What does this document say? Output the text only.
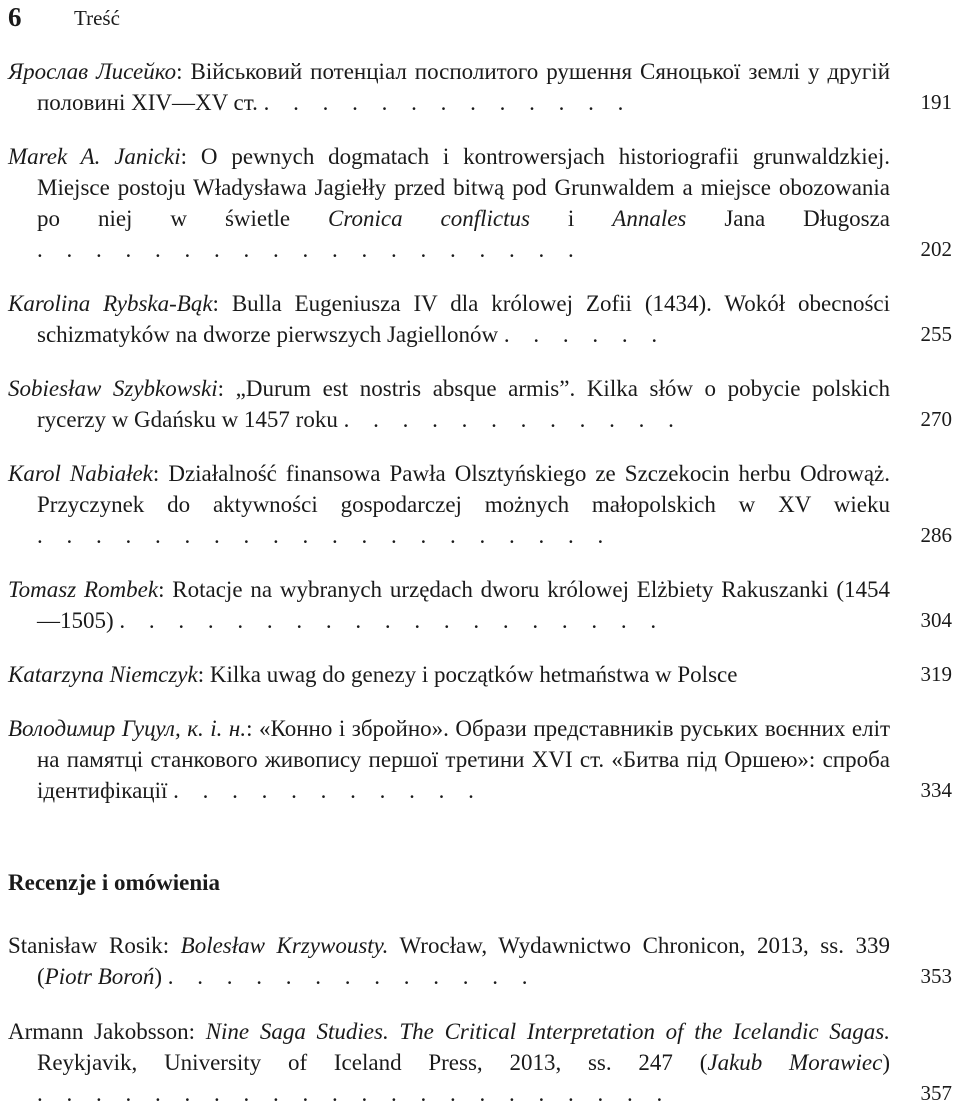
6	Treść
Ярослав Лисейко: Військовий потенціал посполитого рушення Сяноцької землі у другій половині XIV—XV ст. . . . . . . . . . . . . .	191
Marek A. Janicki: O pewnych dogmatach i kontrowersjach historiografii grunwaldzkiej. Miejsce postoju Władysława Jagiełły przed bitwą pod Grunwaldem a miejsce obozowania po niej w świetle Cronica conflictus i Annales Jana Długosza . . . . . . . . . . . . . . . . . . .	202
Karolina Rybska-Bąk: Bulla Eugeniusza IV dla królowej Zofii (1434). Wokół obecności schizmatyków na dworze pierwszych Jagiellonów . . . . . .	255
Sobiesław Szybkowski: „Durum est nostris absque armis”. Kilka słów o pobycie polskich rycerzy w Gdańsku w 1457 roku . . . . . . . . . . . .	270
Karol Nabiałek: Działalność finansowa Pawła Olsztyńskiego ze Szczekocin herbu Odrowąż. Przyczynek do aktywności gospodarczej możnych małopolskich w XV wieku . . . . . . . . . . . . . . . . . . . .	286
Tomasz Rombek: Rotacje na wybranych urzędach dworu królowej Elżbiety Rakuszanki (1454—1505) . . . . . . . . . . . . . . . . . . .	304
Katarzyna Niemczyk: Kilka uwag do genezy i początków hetmaństwa w Polsce	319
Володимир Гуцул, к. і. н.: «Конно і збройно». Образи представників руських воєнних еліт на памятці станкового живопису першої третини XVI ст. «Битва під Оршею»: спроба ідентифікації . . . . . . . . . . .	334
Recenzje i omówienia
Stanisław Rosik: Bolesław Krzywousty. Wrocław, Wydawnictwo Chronicon, 2013, ss. 339 (Piotr Boroń) . . . . . . . . . . . . .	353
Armann Jakobsson: Nine Saga Studies. The Critical Interpretation of the Icelandic Sagas. Reykjavik, University of Iceland Press, 2013, ss. 247 (Jakub Morawiec) . . . . . . . . . . . . . . . . . . . . . .	357
